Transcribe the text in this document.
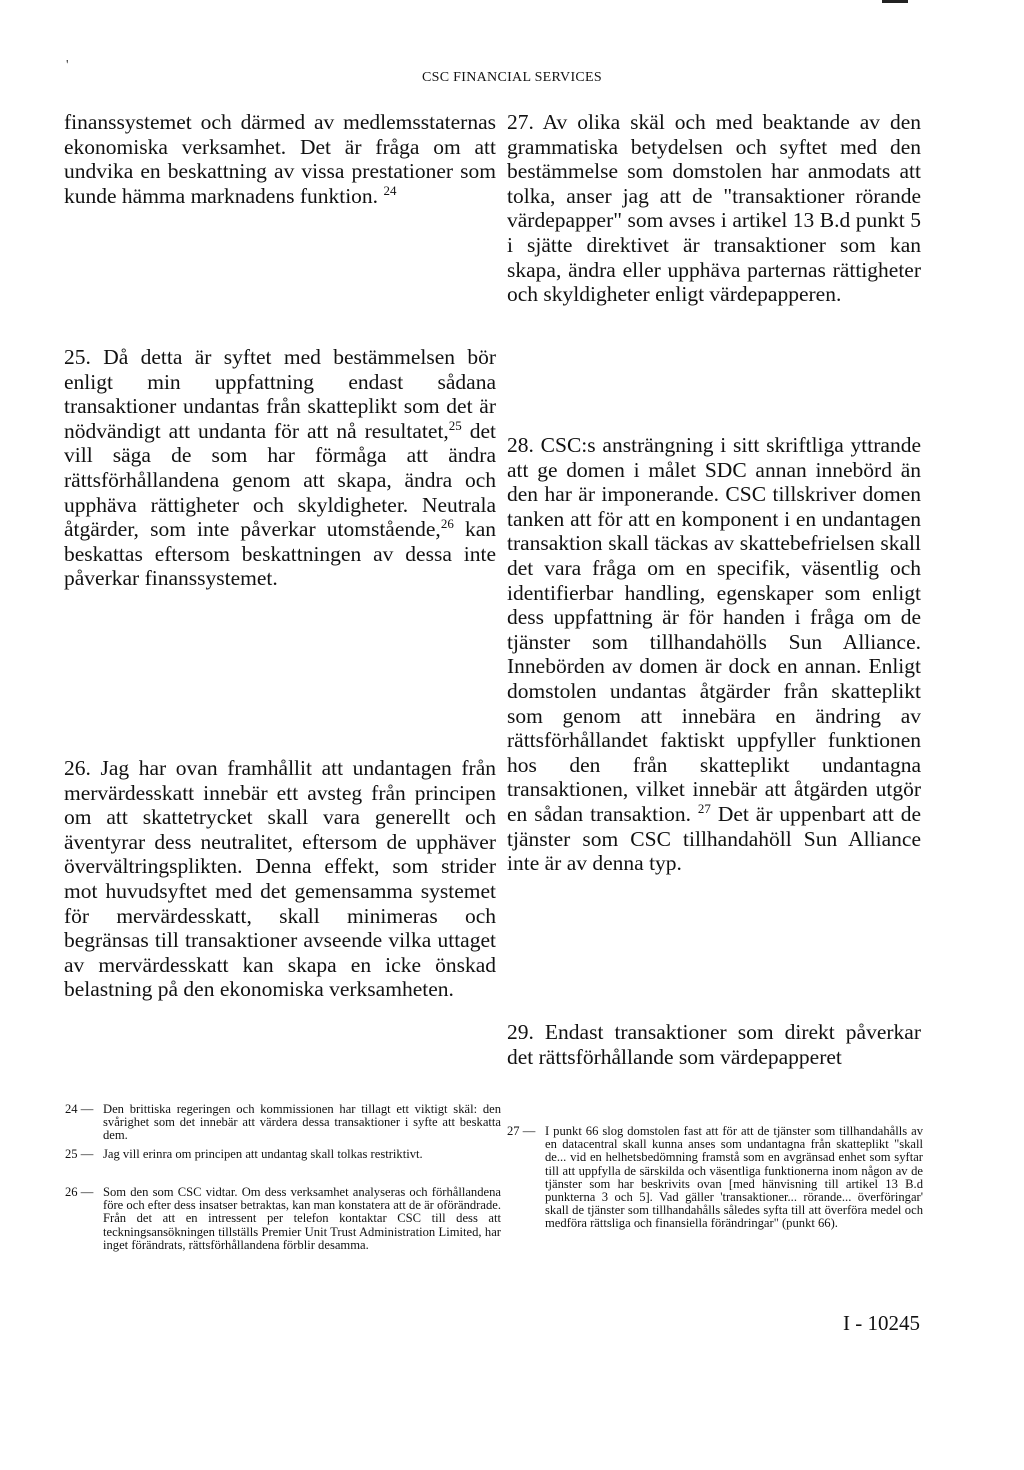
'
CSC FINANCIAL SERVICES

finanssystemet och därmed av medlemsstaternas ekonomiska verksamhet. Det är fråga om att undvika en beskattning av vissa prestationer som kunde hämma marknadens funktion. $^{24}$

25. Då detta är syftet med bestämmelsen bör enligt min uppfattning endast sådana transaktioner undantas från skatteplikt som det är nödvändigt att undanta för att nå resultatet,$^{25}$ det vill säga de som har förmåga att ändra rättsförhållandena genom att skapa, ändra och upphäva rättigheter och skyldigheter. Neutrala åtgärder, som inte påverkar utomstående,$^{26}$ kan beskattas eftersom beskattningen av dessa inte påverkar finanssystemet.

26. Jag har ovan framhållit att undantagen från mervärdesskatt innebär ett avsteg från principen om att skattetrycket skall vara generellt och äventyrar dess neutralitet, eftersom de upphäver övervältringsplikten. Denna effekt, som strider mot huvudsyftet med det gemensamma systemet för mervärdesskatt, skall minimeras och begränsas till transaktioner avseende vilka uttaget av mervärdesskatt kan skapa en icke önskad belastning på den ekonomiska verksamheten.

24 — Den brittiska regeringen och kommissionen har tillagt ett viktigt skäl: den svårighet som det innebär att värdera dessa transaktioner i syfte att beskatta dem.
25 — Jag vill erinra om principen att undantag skall tolkas restriktivt.
26 — Som den som CSC vidtar. Om dess verksamhet analyseras och förhållandena före och efter dess insatser betraktas, kan man konstatera att de är oförändrade. Från det att en intressent per telefon kontaktar CSC till dess att teckningsansökningen tillställs Premier Unit Trust Administration Limited, har inget förändrats, rättsförhållandena förblir desamma.

27. Av olika skäl och med beaktande av den grammatiska betydelsen och syftet med den bestämmelse som domstolen har anmodats att tolka, anser jag att de "transaktioner rörande värdepapper" som avses i artikel 13 B.d punkt 5 i sjätte direktivet är transaktioner som kan skapa, ändra eller upphäva parternas rättigheter och skyldigheter enligt värdepapperen.

28. CSC:s ansträngning i sitt skriftliga yttrande att ge domen i målet SDC annan innebörd än den har är imponerande. CSC tillskriver domen tanken att för att en komponent i en undantagen transaktion skall täckas av skattebefrielsen skall det vara fråga om en specifik, väsentlig och identifierbar handling, egenskaper som enligt dess uppfattning är för handen i fråga om de tjänster som tillhandahölls Sun Alliance. Innebörden av domen är dock en annan. Enligt domstolen undantas åtgärder från skatteplikt som genom att innebära en ändring av rättsförhållandet faktiskt uppfyller funktionen hos den från skatteplikt undantagna transaktionen, vilket innebär att åtgärden utgör en sådan transaktion. $^{27}$ Det är uppenbart att de tjänster som CSC tillhandahöll Sun Alliance inte är av denna typ.

29. Endast transaktioner som direkt påverkar det rättsförhållande som värdepapperet

27 — I punkt 66 slog domstolen fast att för att de tjänster som tillhandahålls av en datacentral skall kunna anses som undantagna från skatteplikt "skall de... vid en helhetsbedömning framstå som en avgränsad enhet som syftar till att uppfylla de särskilda och väsentliga funktionerna inom någon av de tjänster som har beskrivits ovan [med hänvisning till artikel 13 B.d punkterna 3 och 5]. Vad gäller 'transaktioner... rörande... överföringar' skall de tjänster som tillhandahålls således syfta till att överföra medel och medföra rättsliga och finansiella förändringar" (punkt 66).
I - 10245
